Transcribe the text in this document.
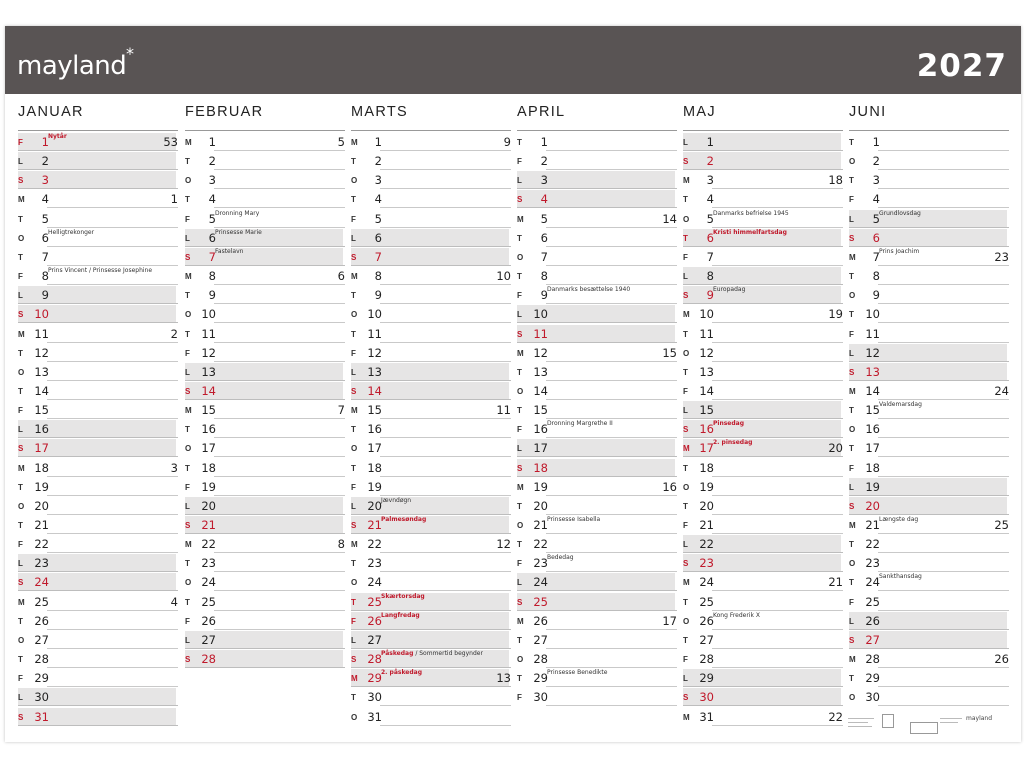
mayland *	2027
JANUAR
F	1 Nytår	53
L	2
S	3
M	4	1
T	5
O	6 Helligtrekonger
T	7
F	8 Prins Vincent / Prinsesse Josephine
L	9
S 10
M 11	2
T 12
O 13
T 14
F 15
L 16
S 17
M 18	3
T 19
O 20
T 21
F 22
L 23
S 24
M 25	4
T 26
O 27
T 28
F 29
L 30
S 31
FEBRUAR
M	1	5
T	2
O	3
T	4
F	5 Dronning Mary
L	6 Prinsesse Marie
S	7 Fastelavn
M	8	6
T	9
O 10
T 11
F 12
L 13
S 14
M 15	7
T 16
O 17
T 18
F 19
L 20
S 21
M 22	8
T 23
O 24
T 25
F 26
L 27
S 28
MARTS
M	1	9
T	2
O	3
T	4
F	5
L	6
S	7
M	8	10
T	9
O 10
T 11
F 12
L 13
S 14
M 15	11
T 16
O 17
T 18
F 19
L 20 Jævndøgn
S 21 Palmesøndag
M 22	12
T 23
O 24
T 25 Skærtorsdag
F 26 Langfredag
L 27
S 28 Påskedag / Sommertid begynder
M 29 2. påskedag	13
T 30
O 31
APRIL
T	1
F	2
L	3
S	4
M	5	14
T	6
O	7
T	8
F	9 Danmarks besættelse 1940
L 10
S 11
M 12	15
T 13
O 14
T 15
F 16 Dronning Margrethe II
L 17
S 18
M 19	16
T 20
O 21 Prinsesse Isabella
T 22
F 23 Bededag
L 24
S 25
M 26	17
T 27
O 28
T 29 Prinsesse Benedikte
F 30
MAJ
L	1
S	2
M	3	18
T	4
O	5 Danmarks befrielse 1945
T	6 Kristi himmelfartsdag
F	7
L	8
S	9 Europadag
M 10	19
T 11
O 12
T 13
F 14
L 15
S 16 Pinsedag
M 17 2. pinsedag	20
T 18
O 19
T 20
F 21
L 22
S 23
M 24	21
T 25
O 26 Kong Frederik X
T 27
F 28
L 29
S 30
M 31	22
JUNI
T	1
O	2
T	3
F	4
L	5 Grundlovsdag
S	6
M	7 Prins Joachim	23
T	8
O	9
T 10
F 11
L 12
S 13
M 14	24
T 15 Valdemarsdag
O 16
T 17
F 18
L 19
S 20
M 21 Længste dag	25
T 22
O 23
T 24 Sankthansdag
F 25
L 26
S 27
M 28	26
T 29
O 30
mayland
